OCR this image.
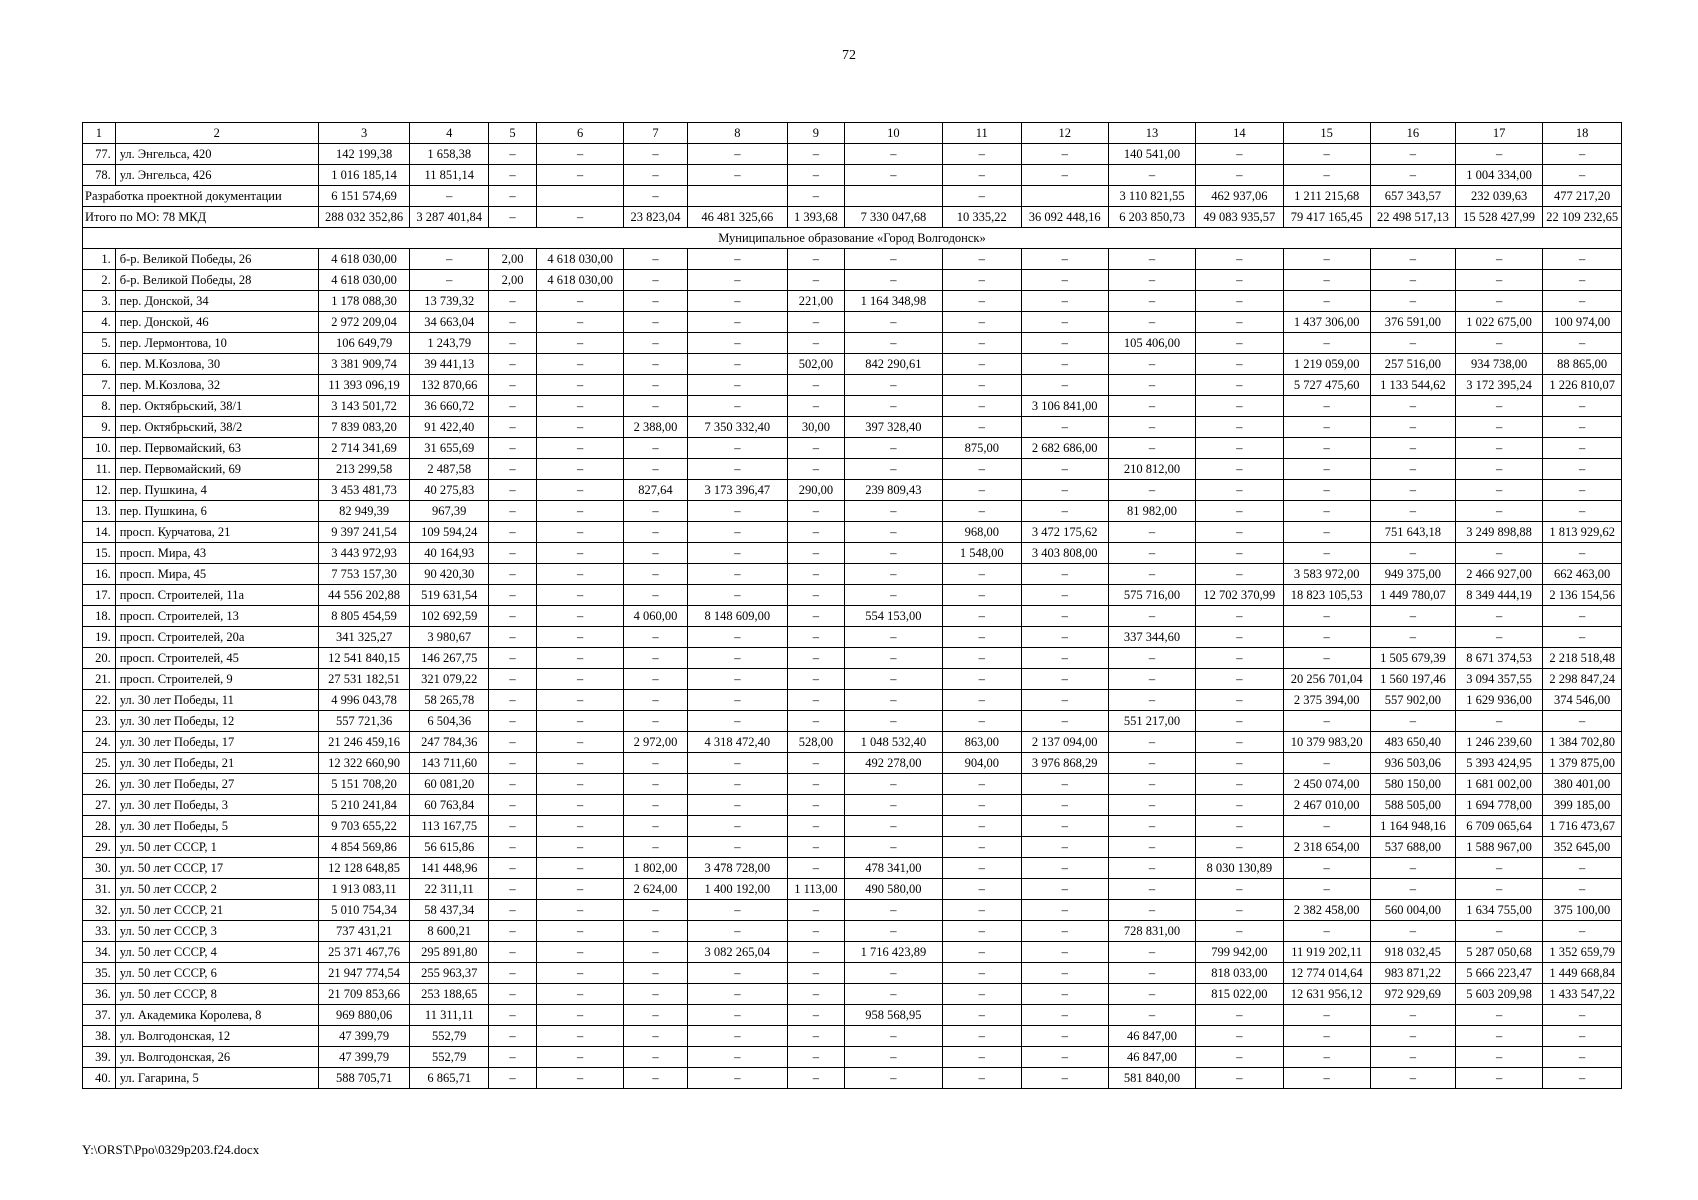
72
1	2	3	4	5	6	7	8	9	10	11	12	13	14	15	16	17	18
77.	ул. Энгельса, 420	142 199,38	1 658,38	–	–	–	–	–	–	–	–	140 541,00	–	–	–	–	–
78.	ул. Энгельса, 426	1 016 185,14	11 851,14	–	–	–	–	–	–	–	–	–	–	–	–	1 004 334,00	–
Разработка проектной документации		6 151 574,69	–	–		–		–		–		3 110 821,55	462 937,06	1 211 215,68	657 343,57	232 039,63	477 217,20
Итого по МО: 78 МКД		288 032 352,86	3 287 401,84	–	–	23 823,04	46 481 325,66	1 393,68	7 330 047,68	10 335,22	36 092 448,16	6 203 850,73	49 083 935,57	79 417 165,45	22 498 517,13	15 528 427,99	22 109 232,65
Муниципальное образование «Город Волгодонск»																	
1.	б-р. Великой Победы, 26	4 618 030,00	–	2,00	4 618 030,00	–	–	–	–	–	–	–	–	–	–	–	–
2.	б-р. Великой Победы, 28	4 618 030,00	–	2,00	4 618 030,00	–	–	–	–	–	–	–	–	–	–	–	–
3.	пер. Донской, 34	1 178 088,30	13 739,32	–	–	–	–	221,00	1 164 348,98	–	–	–	–	–	–	–	–
4.	пер. Донской, 46	2 972 209,04	34 663,04	–	–	–	–	–	–	–	–	–	–	1 437 306,00	376 591,00	1 022 675,00	100 974,00
5.	пер. Лермонтова, 10	106 649,79	1 243,79	–	–	–	–	–	–	–	–	105 406,00	–	–	–	–	–
6.	пер. М.Козлова, 30	3 381 909,74	39 441,13	–	–	–	–	502,00	842 290,61	–	–	–	–	1 219 059,00	257 516,00	934 738,00	88 865,00
7.	пер. М.Козлова, 32	11 393 096,19	132 870,66	–	–	–	–	–	–	–	–	–	–	5 727 475,60	1 133 544,62	3 172 395,24	1 226 810,07
8.	пер. Октябрьский, 38/1	3 143 501,72	36 660,72	–	–	–	–	–	–	–	3 106 841,00	–	–	–	–	–	–
9.	пер. Октябрьский, 38/2	7 839 083,20	91 422,40	–	–	2 388,00	7 350 332,40	30,00	397 328,40	–	–	–	–	–	–	–	–
10.	пер. Первомайский, 63	2 714 341,69	31 655,69	–	–	–	–	–	–	875,00	2 682 686,00	–	–	–	–	–	–
11.	пер. Первомайский, 69	213 299,58	2 487,58	–	–	–	–	–	–	–	–	210 812,00	–	–	–	–	–
12.	пер. Пушкина, 4	3 453 481,73	40 275,83	–	–	827,64	3 173 396,47	290,00	239 809,43	–	–	–	–	–	–	–	–
13.	пер. Пушкина, 6	82 949,39	967,39	–	–	–	–	–	–	–	–	81 982,00	–	–	–	–	–
14.	просп. Курчатова, 21	9 397 241,54	109 594,24	–	–	–	–	–	–	968,00	3 472 175,62	–	–	–	751 643,18	3 249 898,88	1 813 929,62
15.	просп. Мира, 43	3 443 972,93	40 164,93	–	–	–	–	–	–	1 548,00	3 403 808,00	–	–	–	–	–	–
16.	просп. Мира, 45	7 753 157,30	90 420,30	–	–	–	–	–	–	–	–	–	–	3 583 972,00	949 375,00	2 466 927,00	662 463,00
17.	просп. Строителей, 11а	44 556 202,88	519 631,54	–	–	–	–	–	–	–	–	575 716,00	12 702 370,99	18 823 105,53	1 449 780,07	8 349 444,19	2 136 154,56
18.	просп. Строителей, 13	8 805 454,59	102 692,59	–	–	4 060,00	8 148 609,00	–	554 153,00	–	–	–	–	–	–	–	–
19.	просп. Строителей, 20а	341 325,27	3 980,67	–	–	–	–	–	–	–	–	337 344,60	–	–	–	–	–
20.	просп. Строителей, 45	12 541 840,15	146 267,75	–	–	–	–	–	–	–	–	–	–	–	1 505 679,39	8 671 374,53	2 218 518,48
21.	просп. Строителей, 9	27 531 182,51	321 079,22	–	–	–	–	–	–	–	–	–	–	20 256 701,04	1 560 197,46	3 094 357,55	2 298 847,24
22.	ул. 30 лет Победы, 11	4 996 043,78	58 265,78	–	–	–	–	–	–	–	–	–	–	2 375 394,00	557 902,00	1 629 936,00	374 546,00
23.	ул. 30 лет Победы, 12	557 721,36	6 504,36	–	–	–	–	–	–	–	–	551 217,00	–	–	–	–	–
24.	ул. 30 лет Победы, 17	21 246 459,16	247 784,36	–	–	2 972,00	4 318 472,40	528,00	1 048 532,40	863,00	2 137 094,00	–	–	10 379 983,20	483 650,40	1 246 239,60	1 384 702,80
25.	ул. 30 лет Победы, 21	12 322 660,90	143 711,60	–	–	–	–	–	492 278,00	904,00	3 976 868,29	–	–	–	936 503,06	5 393 424,95	1 379 875,00
26.	ул. 30 лет Победы, 27	5 151 708,20	60 081,20	–	–	–	–	–	–	–	–	–	–	2 450 074,00	580 150,00	1 681 002,00	380 401,00
27.	ул. 30 лет Победы, 3	5 210 241,84	60 763,84	–	–	–	–	–	–	–	–	–	–	2 467 010,00	588 505,00	1 694 778,00	399 185,00
28.	ул. 30 лет Победы, 5	9 703 655,22	113 167,75	–	–	–	–	–	–	–	–	–	–	–	1 164 948,16	6 709 065,64	1 716 473,67
29.	ул. 50 лет СССР, 1	4 854 569,86	56 615,86	–	–	–	–	–	–	–	–	–	–	2 318 654,00	537 688,00	1 588 967,00	352 645,00
30.	ул. 50 лет СССР, 17	12 128 648,85	141 448,96	–	–	1 802,00	3 478 728,00	–	478 341,00	–	–	–	8 030 130,89	–	–	–	–
31.	ул. 50 лет СССР, 2	1 913 083,11	22 311,11	–	–	2 624,00	1 400 192,00	1 113,00	490 580,00	–	–	–	–	–	–	–	–
32.	ул. 50 лет СССР, 21	5 010 754,34	58 437,34	–	–	–	–	–	–	–	–	–	–	2 382 458,00	560 004,00	1 634 755,00	375 100,00
33.	ул. 50 лет СССР, 3	737 431,21	8 600,21	–	–	–	–	–	–	–	–	728 831,00	–	–	–	–	–
34.	ул. 50 лет СССР, 4	25 371 467,76	295 891,80	–	–	–	3 082 265,04	–	1 716 423,89	–	–	–	799 942,00	11 919 202,11	918 032,45	5 287 050,68	1 352 659,79
35.	ул. 50 лет СССР, 6	21 947 774,54	255 963,37	–	–	–	–	–	–	–	–	–	818 033,00	12 774 014,64	983 871,22	5 666 223,47	1 449 668,84
36.	ул. 50 лет СССР, 8	21 709 853,66	253 188,65	–	–	–	–	–	–	–	–	–	815 022,00	12 631 956,12	972 929,69	5 603 209,98	1 433 547,22
37.	ул. Академика Королева, 8	969 880,06	11 311,11	–	–	–	–	–	958 568,95	–	–	–	–	–	–	–	–
38.	ул. Волгодонская, 12	47 399,79	552,79	–	–	–	–	–	–	–	–	46 847,00	–	–	–	–	–
39.	ул. Волгодонская, 26	47 399,79	552,79	–	–	–	–	–	–	–	–	46 847,00	–	–	–	–	–
40.	ул. Гагарина, 5	588 705,71	6 865,71	–	–	–	–	–	–	–	–	581 840,00	–	–	–	–	–
Y:\ORST\Ppo\0329p203.f24.docx
